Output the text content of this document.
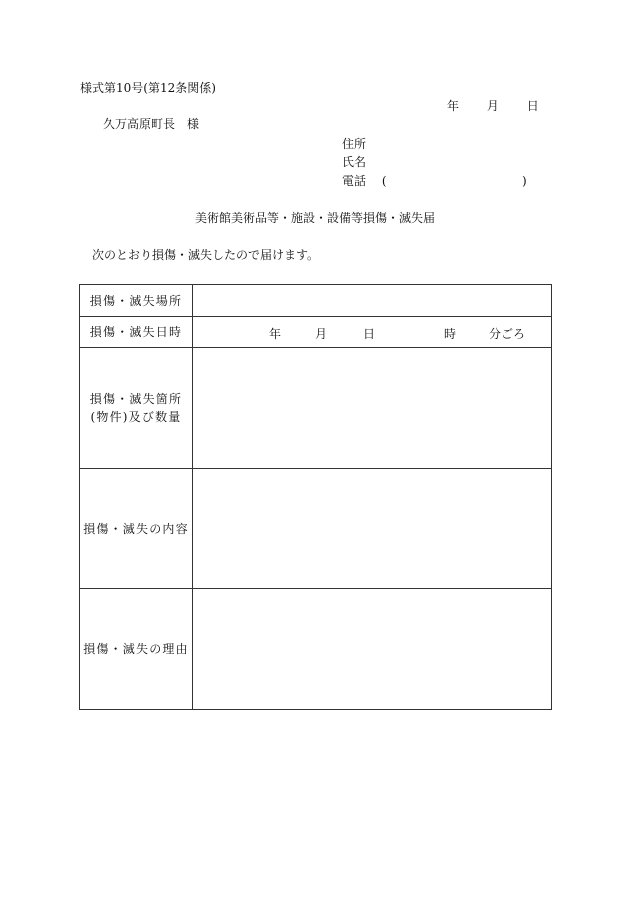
様式第10号(第12条関係)
年 月 日
久万高原町長　様
住所
氏名
電話 (	)
美術館美術品等・施設・設備等損傷・滅失届
次のとおり損傷・滅失したので届けます。
損傷・滅失場所	
損傷・滅失日時	年 月 日 時 分ごろ

損傷・滅失箇所
(物件)及び数量	

損傷・滅失の内容	
損傷・滅失の理由	
